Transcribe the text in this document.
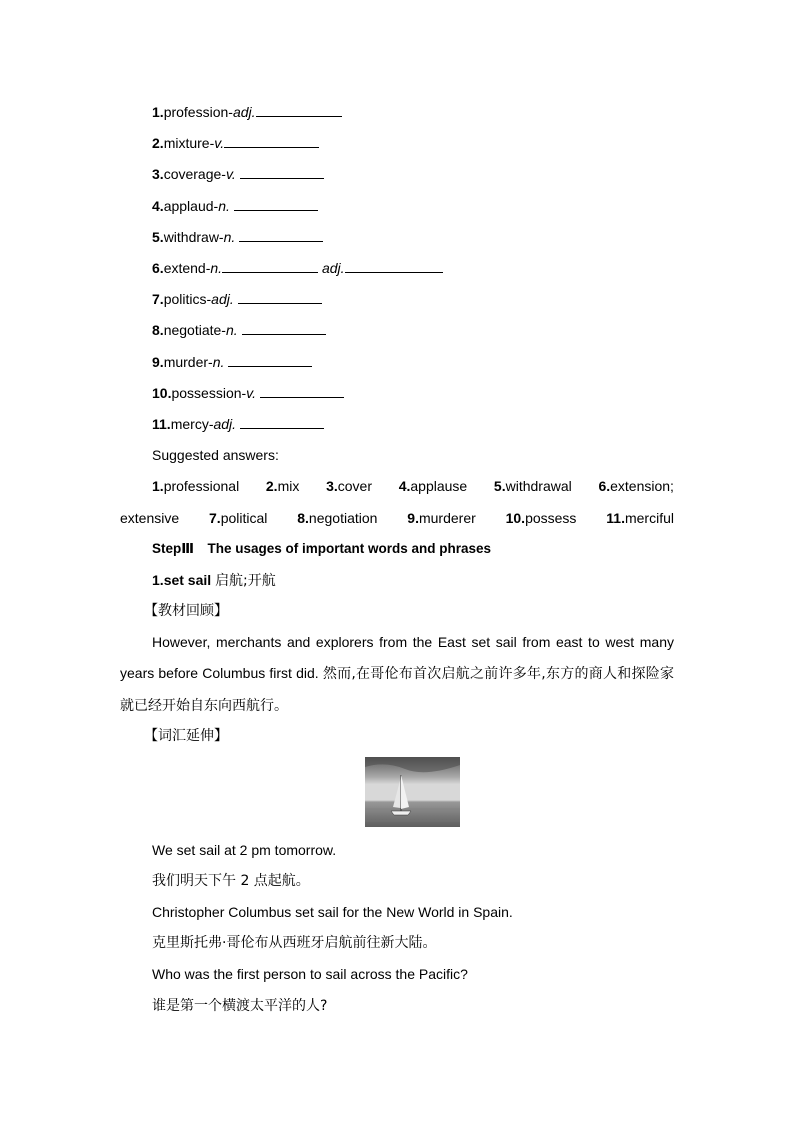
1.profession-adj.
2.mixture-v.
3.coverage-v.
4.applaud-n.
5.withdraw-n.
6.extend-n.	adj.
7.politics-adj.
8.negotiate-n.
9.murder-n.
10.possession-v.
11.mercy-adj.
Suggested answers:
1.professional 2.mix 3.cover 4.applause 5.withdrawal 6.extension;
extensive 7.political 8.negotiation 9.murderer 10.possess 11.merciful
StepⅢ　The usages of important words and phrases
1.set sail 启航;开航
【教材回顾】
However, merchants and explorers from the East set sail from east to west many years before Columbus first did. 然而,在哥伦布首次启航之前许多年,东方的商人和探险家就已经开始自东向西航行。
【词汇延伸】
We set sail at 2 pm tomorrow.
我们明天下午 2 点起航。
Christopher Columbus set sail for the New World in Spain.
克里斯托弗·哥伦布从西班牙启航前往新大陆。
Who was the first person to sail across the Pacific?
谁是第一个横渡太平洋的人?
